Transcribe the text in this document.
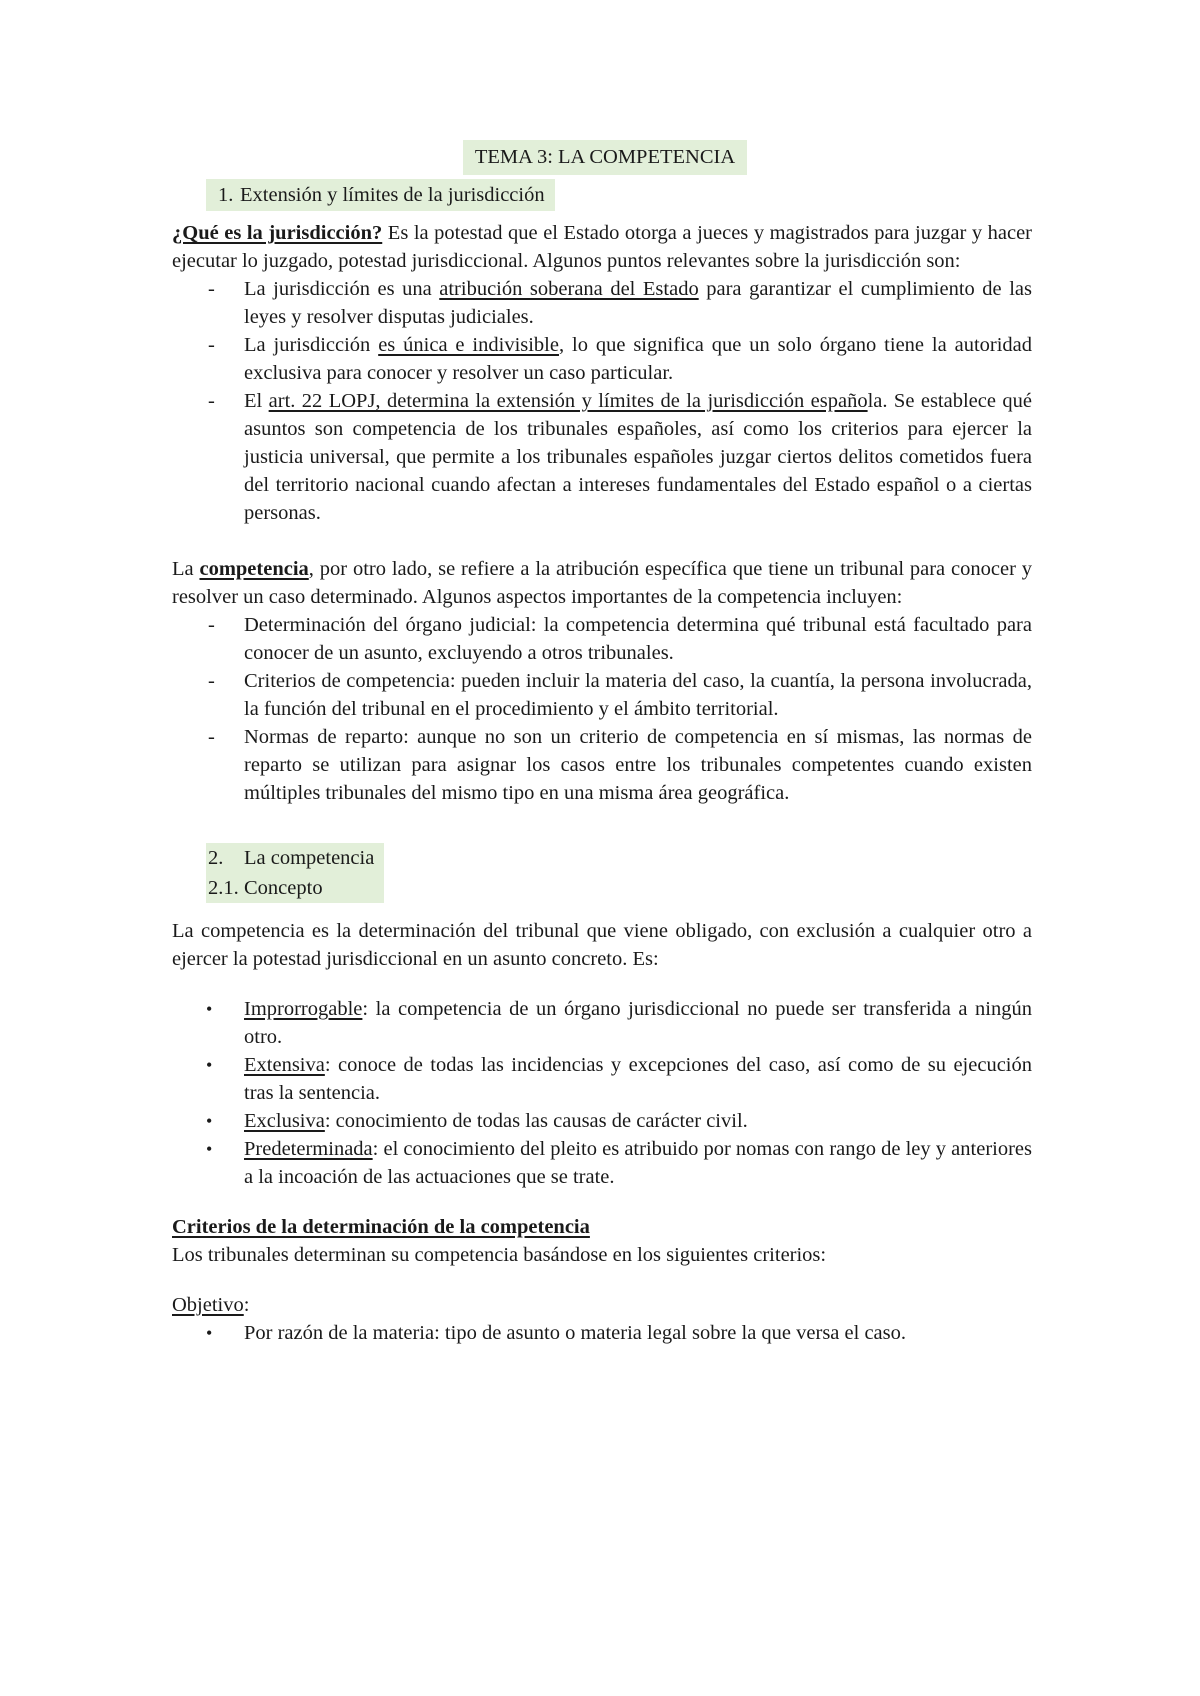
TEMA 3: LA COMPETENCIA
1. Extensión y límites de la jurisdicción

¿Qué es la jurisdicción? Es la potestad que el Estado otorga a jueces y magistrados para juzgar y hacer ejecutar lo juzgado, potestad jurisdiccional. Algunos puntos relevantes sobre la jurisdicción son:

- La jurisdicción es una atribución soberana del Estado para garantizar el cumplimiento de las leyes y resolver disputas judiciales.
- La jurisdicción es única e indivisible, lo que significa que un solo órgano tiene la autoridad exclusiva para conocer y resolver un caso particular.
- El art. 22 LOPJ, determina la extensión y límites de la jurisdicción española. Se establece qué asuntos son competencia de los tribunales españoles, así como los criterios para ejercer la justicia universal, que permite a los tribunales españoles juzgar ciertos delitos cometidos fuera del territorio nacional cuando afectan a intereses fundamentales del Estado español o a ciertas personas.

La competencia, por otro lado, se refiere a la atribución específica que tiene un tribunal para conocer y resolver un caso determinado. Algunos aspectos importantes de la competencia incluyen:

- Determinación del órgano judicial: la competencia determina qué tribunal está facultado para conocer de un asunto, excluyendo a otros tribunales.
- Criterios de competencia: pueden incluir la materia del caso, la cuantía, la persona involucrada, la función del tribunal en el procedimiento y el ámbito territorial.
- Normas de reparto: aunque no son un criterio de competencia en sí mismas, las normas de reparto se utilizan para asignar los casos entre los tribunales competentes cuando existen múltiples tribunales del mismo tipo en una misma área geográfica.
2. La competencia
2.1. Concepto

La competencia es la determinación del tribunal que viene obligado, con exclusión a cualquier otro a ejercer la potestad jurisdiccional en un asunto concreto. Es:

• Improrrogable: la competencia de un órgano jurisdiccional no puede ser transferida a ningún otro.
• Extensiva: conoce de todas las incidencias y excepciones del caso, así como de su ejecución tras la sentencia.
• Exclusiva: conocimiento de todas las causas de carácter civil.
• Predeterminada: el conocimiento del pleito es atribuido por nomas con rango de ley y anteriores a la incoación de las actuaciones que se trate.

Criterios de la determinación de la competencia

Los tribunales determinan su competencia basándose en los siguientes criterios:

Objetivo:

• Por razón de la materia: tipo de asunto o materia legal sobre la que versa el caso.
